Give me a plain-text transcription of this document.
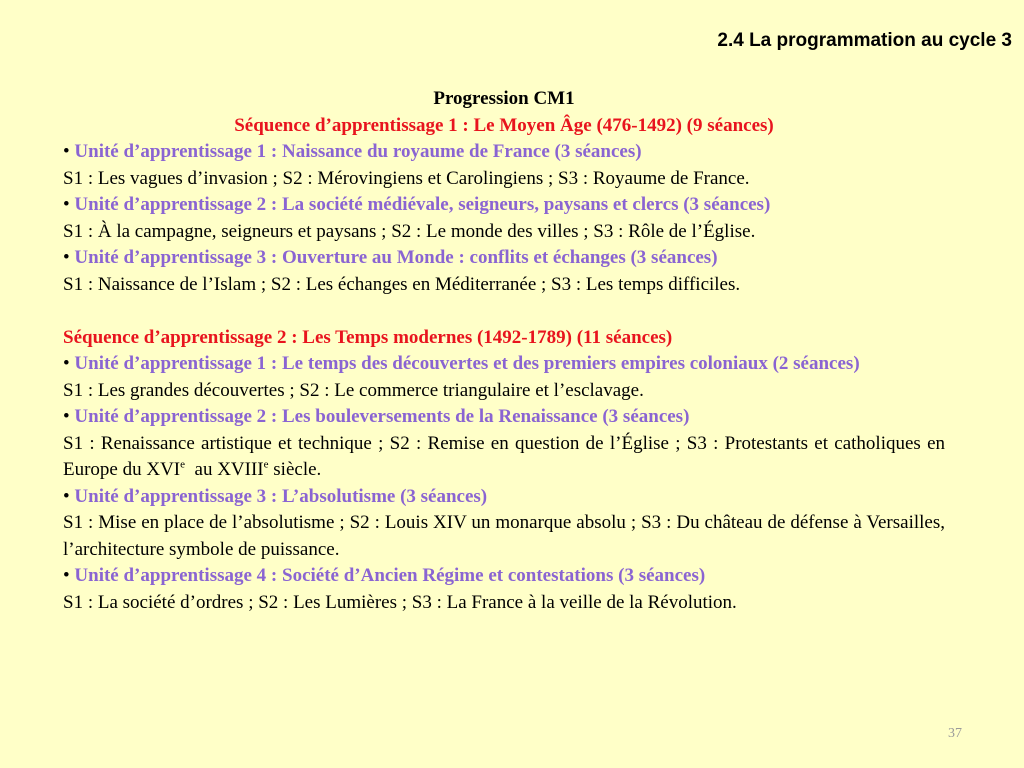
2.4 La programmation au cycle 3
Progression CM1
Séquence d’apprentissage 1 : Le Moyen Âge (476-1492) (9 séances)
• Unité d’apprentissage 1 : Naissance du royaume de France (3 séances)
S1 : Les vagues d’invasion ; S2 : Mérovingiens et Carolingiens ; S3 : Royaume de France.
• Unité d’apprentissage 2 : La société médiévale, seigneurs, paysans et clercs (3 séances)
S1 : À la campagne, seigneurs et paysans ; S2 : Le monde des villes ; S3 : Rôle de l’Église.
• Unité d’apprentissage 3 : Ouverture au Monde : conflits et échanges (3 séances)
S1 : Naissance de l’Islam ; S2 : Les échanges en Méditerranée ; S3 : Les temps difficiles.
Séquence d’apprentissage 2 : Les Temps modernes (1492-1789) (11 séances)
• Unité d’apprentissage 1 : Le temps des découvertes et des premiers empires coloniaux (2 séances)
S1 : Les grandes découvertes ; S2 : Le commerce triangulaire et l’esclavage.
• Unité d’apprentissage 2 : Les bouleversements de la Renaissance (3 séances)
S1 : Renaissance artistique et technique ; S2 : Remise en question de l’Église ; S3 : Protestants et catholiques en Europe du XVIe  au XVIIIe siècle.
• Unité d’apprentissage 3 : L’absolutisme (3 séances)
S1 : Mise en place de l’absolutisme ; S2 : Louis XIV un monarque absolu ; S3 : Du château de défense à Versailles, l’architecture symbole de puissance.
• Unité d’apprentissage 4 : Société d’Ancien Régime et contestations (3 séances)
S1 : La société d’ordres ; S2 : Les Lumières ; S3 : La France à la veille de la Révolution.
37
